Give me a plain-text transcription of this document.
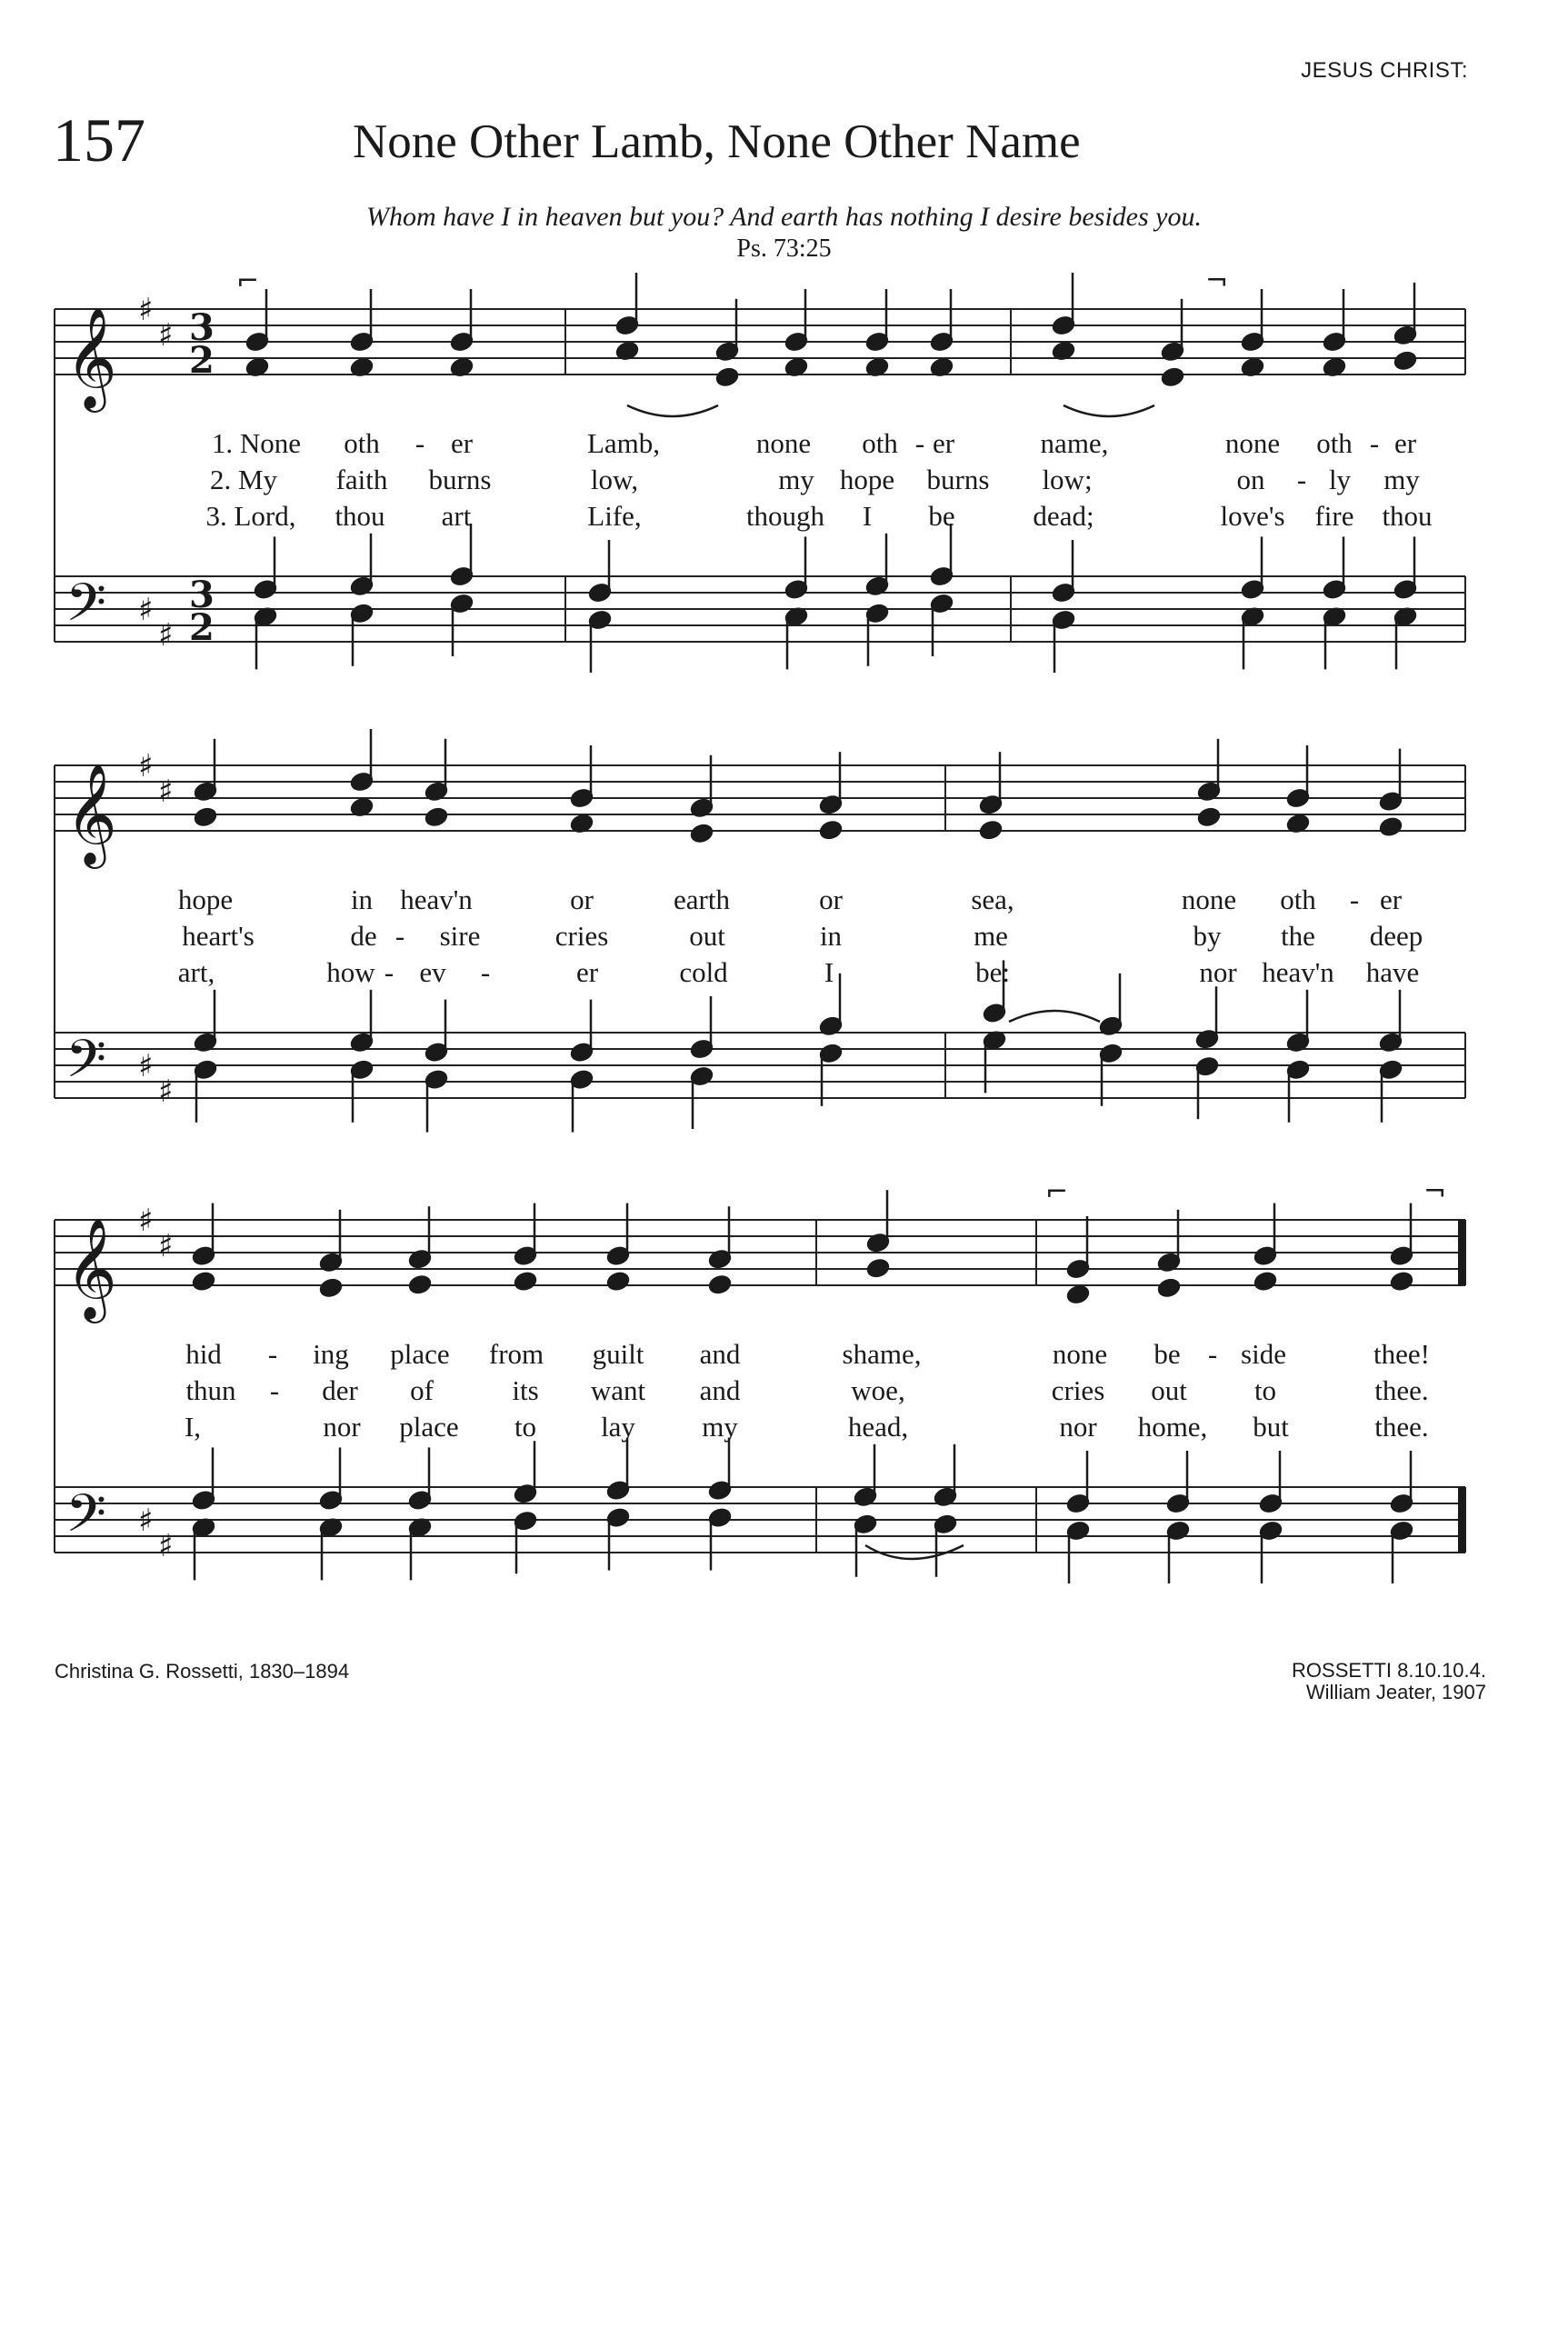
JESUS CHRIST:
157	None Other Lamb, None Other Name
Whom have I in heaven but you? And earth has nothing I desire besides you.
Ps. 73:25
⌐	¬
⌐	¬
𝄞
𝄢
♯
♯
♯
♯
3
2
3
2
𝄞
𝄢
♯
♯
♯
♯
𝄞
𝄢
♯
♯
♯
♯
1. None oth - er	Lamb,	none oth - er	name,	none oth - er
2. My faith burns	low,	my hope burns low;	on - ly my
3. Lord, thou art	Life,	though I be	dead;	love's fire thou
hope	in heav'n	or	earth	or	sea,	none oth - er
heart's	de - sire	cries	out	in	me	by the deep
art,	how - ev -	er	cold	I	be:	nor heav'n have
hid - ing place from guilt and	shame,	none be - side	thee!
thun - der of	its want and	woe,	cries out to	thee.
I,	nor place to lay my	head,	nor home, but	thee.
Christina G. Rossetti, 1830–1894	ROSSETTI 8.10.10.4.
William Jeater, 1907
